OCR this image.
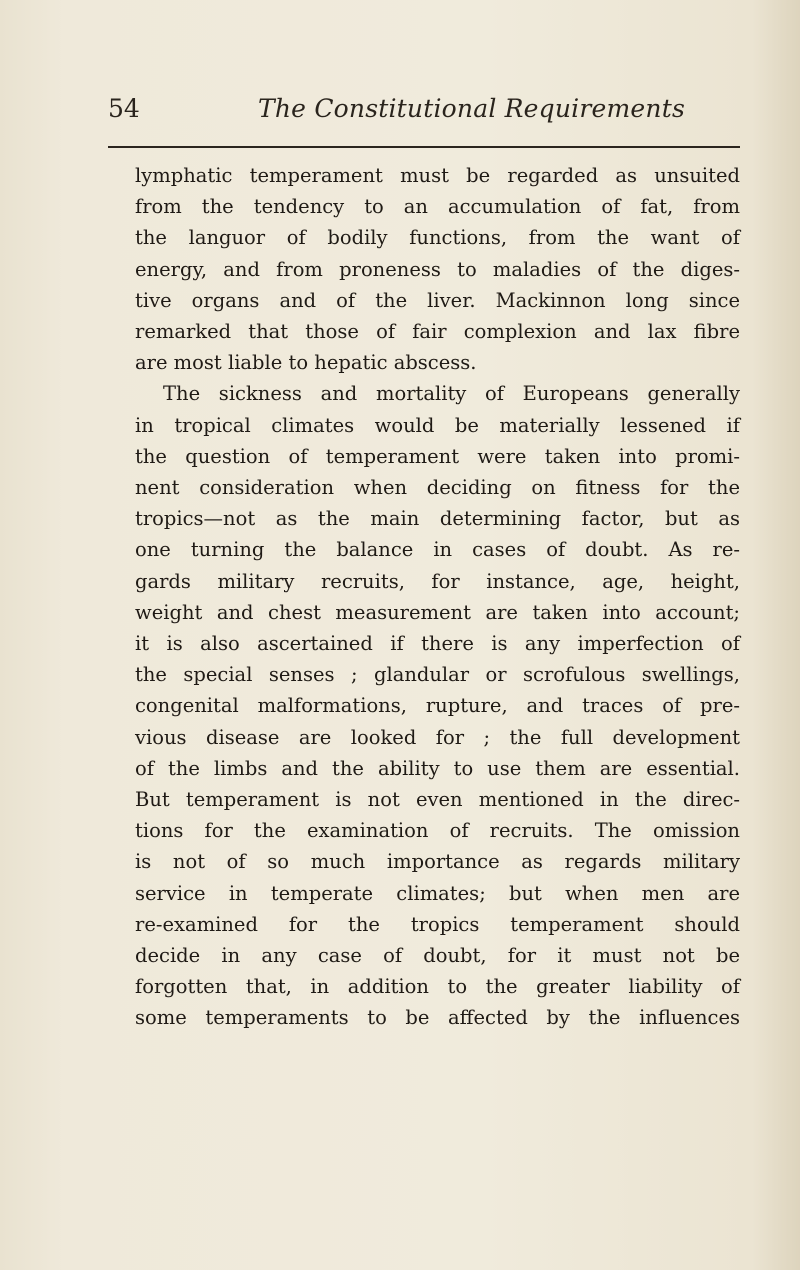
54	The Constitutional Requirements
lymphatic temperament must be regarded as unsuited
from the tendency to an accumulation of fat, from
the languor of bodily functions, from the want of
energy, and from proneness to maladies of the diges-
tive organs and of the liver. Mackinnon long since
remarked that those of fair complexion and lax fibre
are most liable to hepatic abscess.
The sickness and mortality of Europeans generally
in tropical climates would be materially lessened if
the question of temperament were taken into promi-
nent consideration when deciding on fitness for the
tropics—not as the main determining factor, but as
one turning the balance in cases of doubt. As re-
gards military recruits, for instance, age, height,
weight and chest measurement are taken into account;
it is also ascertained if there is any imperfection of
the special senses ; glandular or scrofulous swellings,
congenital malformations, rupture, and traces of pre-
vious disease are looked for ; the full development
of the limbs and the ability to use them are essential.
But temperament is not even mentioned in the direc-
tions for the examination of recruits. The omission
is not of so much importance as regards military
service in temperate climates; but when men are
re-examined for the tropics temperament should
decide in any case of doubt, for it must not be
forgotten that, in addition to the greater liability of
some temperaments to be affected by the influences
